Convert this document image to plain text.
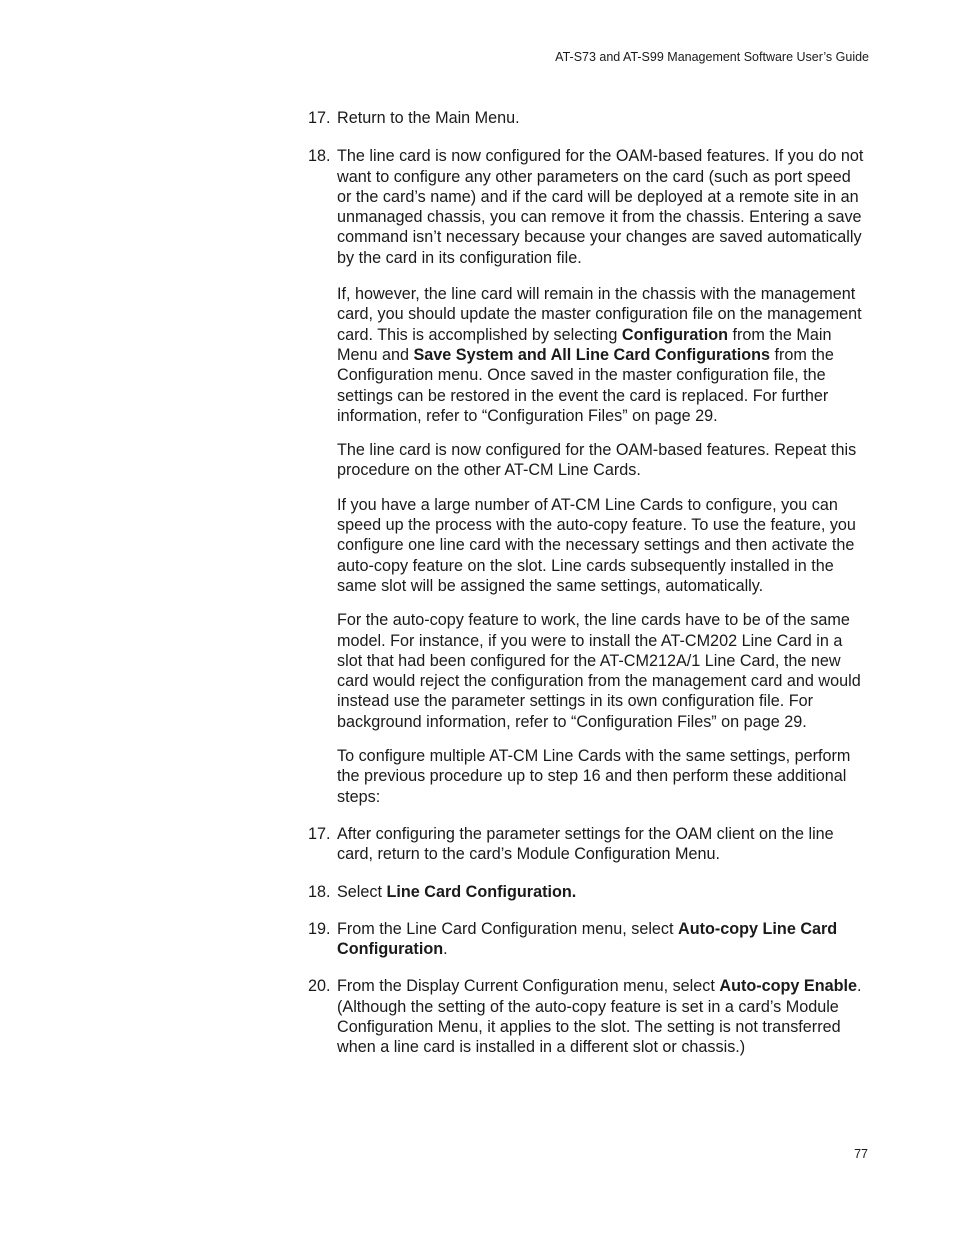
AT-S73 and AT-S99 Management Software User’s Guide
17. Return to the Main Menu.
18. The line card is now configured for the OAM-based features. If you do not want to configure any other parameters on the card (such as port speed or the card’s name) and if the card will be deployed at a remote site in an unmanaged chassis, you can remove it from the chassis. Entering a save command isn’t necessary because your changes are saved automatically by the card in its configuration file.
If, however, the line card will remain in the chassis with the management card, you should update the master configuration file on the management card. This is accomplished by selecting Configuration from the Main Menu and Save System and All Line Card Configurations from the Configuration menu. Once saved in the master configuration file, the settings can be restored in the event the card is replaced. For further information, refer to “Configuration Files” on page 29.
The line card is now configured for the OAM-based features. Repeat this procedure on the other AT-CM Line Cards.
If you have a large number of AT-CM Line Cards to configure, you can speed up the process with the auto-copy feature. To use the feature, you configure one line card with the necessary settings and then activate the auto-copy feature on the slot. Line cards subsequently installed in the same slot will be assigned the same settings, automatically.
For the auto-copy feature to work, the line cards have to be of the same model. For instance, if you were to install the AT-CM202 Line Card in a slot that had been configured for the AT-CM212A/1 Line Card, the new card would reject the configuration from the management card and would instead use the parameter settings in its own configuration file. For background information, refer to “Configuration Files” on page 29.
To configure multiple AT-CM Line Cards with the same settings, perform the previous procedure up to step 16 and then perform these additional steps:
17. After configuring the parameter settings for the OAM client on the line card, return to the card’s Module Configuration Menu.
18. Select Line Card Configuration.
19. From the Line Card Configuration menu, select Auto-copy Line Card Configuration.
20. From the Display Current Configuration menu, select Auto-copy Enable. (Although the setting of the auto-copy feature is set in a card’s Module Configuration Menu, it applies to the slot. The setting is not transferred when a line card is installed in a different slot or chassis.)
77
